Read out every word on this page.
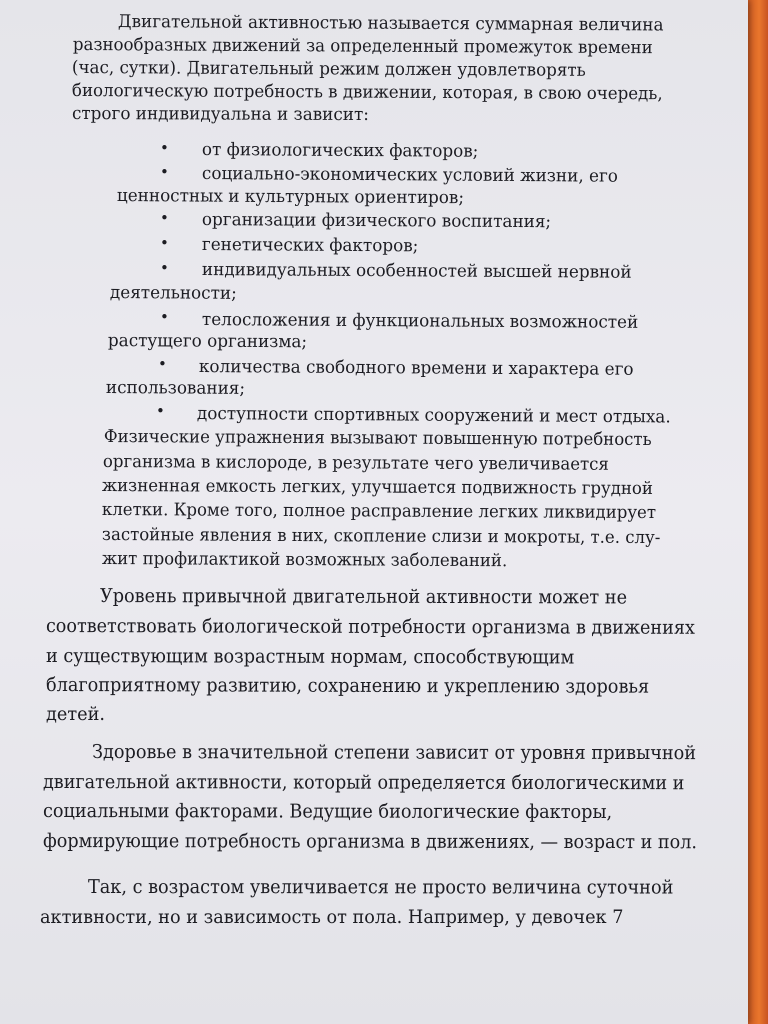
Двигательной активностью называется суммарная величина
разнообразных движений за определенный промежуток времени
(час, сутки). Двигательный режим должен удовлетворять
биологическую потребность в движении, которая, в свою очередь,
строго индивидуальна и зависит:
• от физиологических факторов;
• социально-экономических условий жизни, его
ценностных и культурных ориентиров;
• организации физического воспитания;
• генетических факторов;
• индивидуальных особенностей высшей нервной
деятельности;
• телосложения и функциональных возможностей
растущего организма;
• количества свободного времени и характера его
использования;
• доступности спортивных сооружений и мест отдыха.
Физические упражнения вызывают повышенную потребность
организма в кислороде, в результате чего увеличивается
жизненная емкость легких, улучшается подвижность грудной
клетки. Кроме того, полное расправление легких ликвидирует
застойные явления в них, скопление слизи и мокроты, т.е. слу-
жит профилактикой возможных заболеваний.
Уровень привычной двигательной активности может не
соответствовать биологической потребности организма в движениях
и существующим возрастным нормам, способствующим
благоприятному развитию, сохранению и укреплению здоровья
детей.
Здоровье в значительной степени зависит от уровня привычной
двигательной активности, который определяется биологическими и
социальными факторами. Ведущие биологические факторы,
формирующие потребность организма в движениях, — возраст и пол.
Так, с возрастом увеличивается не просто величина суточной
активности, но и зависимость от пола. Например, у девочек 7
